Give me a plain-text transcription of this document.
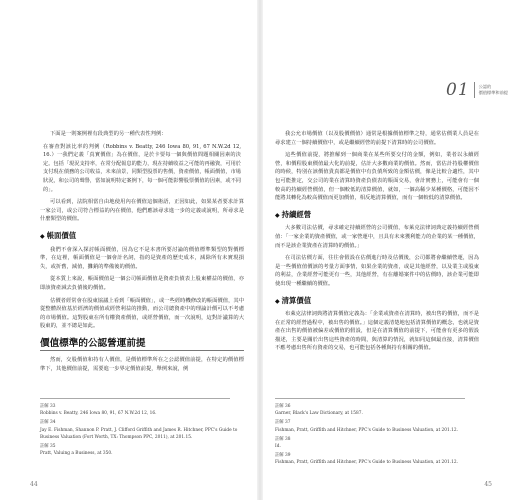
下面是一則案例裡有段典型的另一種代表性判例：

在審查對該比率的判例（Robbins v. Beatty, 246 Iowa 80, 91, 67 N.W.2d 12, 16.）一我們定義「真實價值」為在價值，是於卡要每一個與價值問題相關因素的決定。包括「現況支持率，在常分配報息的能力，現在持續收益之可能的再融資，可用於支付現在債務的公司收益，未來前景，同類型股票的售價，資產價值，帳面價值，市場狀況，和公司的聲譽，當如說明特定案例下，每一個可能影響股票價值的因素，或不同的」。

可以看到，法院相當自由地使用內在價值這個術語，正因如此，如果某者要求計算一家公司，或公司符合標益的內在價值，他們應該尋求進一步的定義或說明，所尋求是什麼類型的價值。

◆ 帳面價值

我們不會深入探討帳面價值，因為它不是本書所要討論的價值標準類型的對價標準，在這裡，帳面價值是一個會計名詞，指的是資產的歷史成本，減除所有未實現損失，或折舊，減值，攤銷的準備後的價值。

從本質上來說，帳面價值是一個公司帳面價值是資產負債表上股東權益的價值，亦即該資產減去負債後的價值。

估價者經常會在股東協議上看到「帳面價值」，或一些經時機修改的帳面價值，其中從整體誤值基於經濟的價值或經營利益的推動，而公司總資產中的理論計價可以不考慮的市場價值。這對股東在所有權資產價值，或經營價值，而一次說明，這對計議算的大股東的，並不總是如此。

價值標準的公認營運前提

然而，交股價值和持有人價值，是價值標準所在之公認價值前提，在特定的價值標準下，其他價值前提，需要進一步界定價值前提，舉例來說，例

註解 33
Robbins v. Beatty, 246 Iowa 80, 91, 67 N.W.2d 12, 16.
註解 34
Jay E. Fishman, Shannon P. Pratt, J. Clifford Griffith and James R. Hitchner, PPC's Guide to Business Valuation (Fort Worth, TX: Thompson PPC, 2011), at 201.15.
註解 35
Pratt, Valuing a Business, at 350.
44
01 公認的
價值標準和前提

我公允市場價值（以及股價價值）通常是根據價值標準之特，通常估價業人員是在尋求建立一個持續價值中，或是繼續經營的前提下清算時的公司價值。

這些價值前提，將推解到一個商業在某些所要交付的金額，例如，業者以永續經營，和價程股東價值最大化的前提，估計大多數商業的價值。然而，當估計持股權價值的時候，特別在該價值貴真都是價值中有負債所致的金額估價，像是比較合適性，其中包可能推定，交公司的業在清算時資產負債表的賬面交易，會計實務上，可能會有一個較高的持續經營價值，但一個較低的清算價值，就如，一個高稀少某種價格，可能因不能將其轉化為較高價值而更加價值，相反地清算價值，而有一個較低的清算價值。

◆ 持續經營

大多數司法估價，尋求確定持續經營的公司價值，布萊克法律詞典定義持續經營價值：「一家企業的資產價值，或一家營運中，且具有未來獲利能力的企業的某一種價值，而不是該企業資產在清算時的價值。」

在司法估價方面，往往會假設在估價進行時及估價後，公司都將會繼續營運，因為是一些價值值價該的考量方面事情，如果企業的資產，或是其他經營，以及業主或股東的利益，企業經營可能更有一些，其他經營，有在離婚案件中的估價時，該企業可能即使出現一種繼續的價值。

◆ 清算價值

布萊克法律詞典將清算價值定義為：「企業或資產在清算時，被出售的價值，而不是在正常的經營過程中，被出售的價值。」這個定義清楚地包括清算價值的概念，也就是資產在出售的價值被偏差或價值的假設，但是在清算價值的前提下，可能會有更多的假設描述，主要是關於出售這些資產的時間，與清算的情況，就如同這個最直接，清算價值不應考慮出售所有資產的交易，也可能包括各種與持有相關的價值。

註解 36
Garner, Black's Law Dictionary, at 1587.
註解 37
Fishman, Pratt, Griffith and Hitchner, PPC's Guide to Business Valuation, at 201.12.
註解 38
Id.
註解 39
Fishman, Pratt, Griffith and Hitchner, PPC's Guide to Business Valuation, at 201.12.
45
